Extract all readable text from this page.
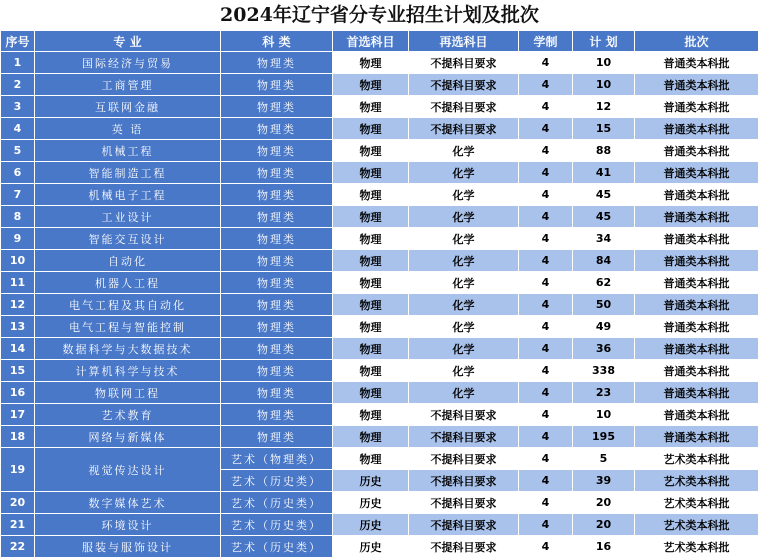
2024年辽宁省分专业招生计划及批次
序号	专 业	科 类	首选科目	再选科目	学制	计 划	批次
1	国际经济与贸易	物理类	物理	不提科目要求	4	10	普通类本科批
2	工商管理	物理类	物理	不提科目要求	4	10	普通类本科批
3	互联网金融	物理类	物理	不提科目要求	4	12	普通类本科批
4	英 语	物理类	物理	不提科目要求	4	15	普通类本科批
5	机械工程	物理类	物理	化学	4	88	普通类本科批
6	智能制造工程	物理类	物理	化学	4	41	普通类本科批
7	机械电子工程	物理类	物理	化学	4	45	普通类本科批
8	工业设计	物理类	物理	化学	4	45	普通类本科批
9	智能交互设计	物理类	物理	化学	4	34	普通类本科批
10	自动化	物理类	物理	化学	4	84	普通类本科批
11	机器人工程	物理类	物理	化学	4	62	普通类本科批
12	电气工程及其自动化	物理类	物理	化学	4	50	普通类本科批
13	电气工程与智能控制	物理类	物理	化学	4	49	普通类本科批
14	数据科学与大数据技术	物理类	物理	化学	4	36	普通类本科批
15	计算机科学与技术	物理类	物理	化学	4	338	普通类本科批
16	物联网工程	物理类	物理	化学	4	23	普通类本科批
17	艺术教育	物理类	物理	不提科目要求	4	10	普通类本科批
18	网络与新媒体	物理类	物理	不提科目要求	4	195	普通类本科批
19	视觉传达设计	艺术（物理类）	物理	不提科目要求	4	5	艺术类本科批
		艺术（历史类）	历史	不提科目要求	4	39	艺术类本科批
20	数字媒体艺术	艺术（历史类）	历史	不提科目要求	4	20	艺术类本科批
21	环境设计	艺术（历史类）	历史	不提科目要求	4	20	艺术类本科批
22	服装与服饰设计	艺术（历史类）	历史	不提科目要求	4	16	艺术类本科批
